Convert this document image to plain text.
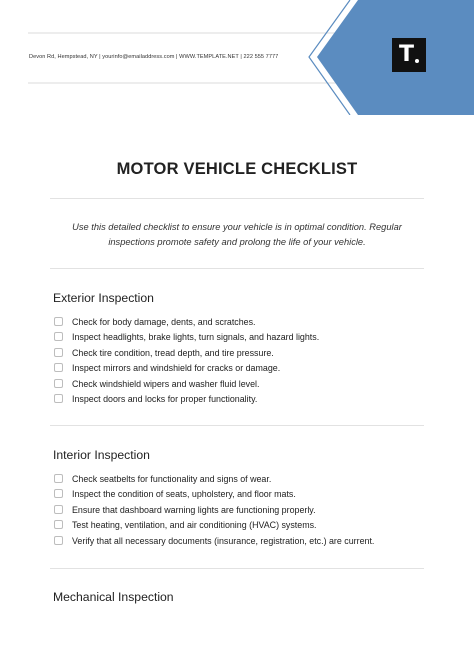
Devon Rd, Hempstead, NY | yourinfo@emailaddress.com | WWW.TEMPLATE.NET | 222 555 7777	T
MOTOR VEHICLE CHECKLIST
Use this detailed checklist to ensure your vehicle is in optimal condition. Regular inspections promote safety and prolong the life of your vehicle.
Exterior Inspection
Check for body damage, dents, and scratches.
Inspect headlights, brake lights, turn signals, and hazard lights.
Check tire condition, tread depth, and tire pressure.
Inspect mirrors and windshield for cracks or damage.
Check windshield wipers and washer fluid level.
Inspect doors and locks for proper functionality.
Interior Inspection
Check seatbelts for functionality and signs of wear.
Inspect the condition of seats, upholstery, and floor mats.
Ensure that dashboard warning lights are functioning properly.
Test heating, ventilation, and air conditioning (HVAC) systems.
Verify that all necessary documents (insurance, registration, etc.) are current.
Mechanical Inspection
